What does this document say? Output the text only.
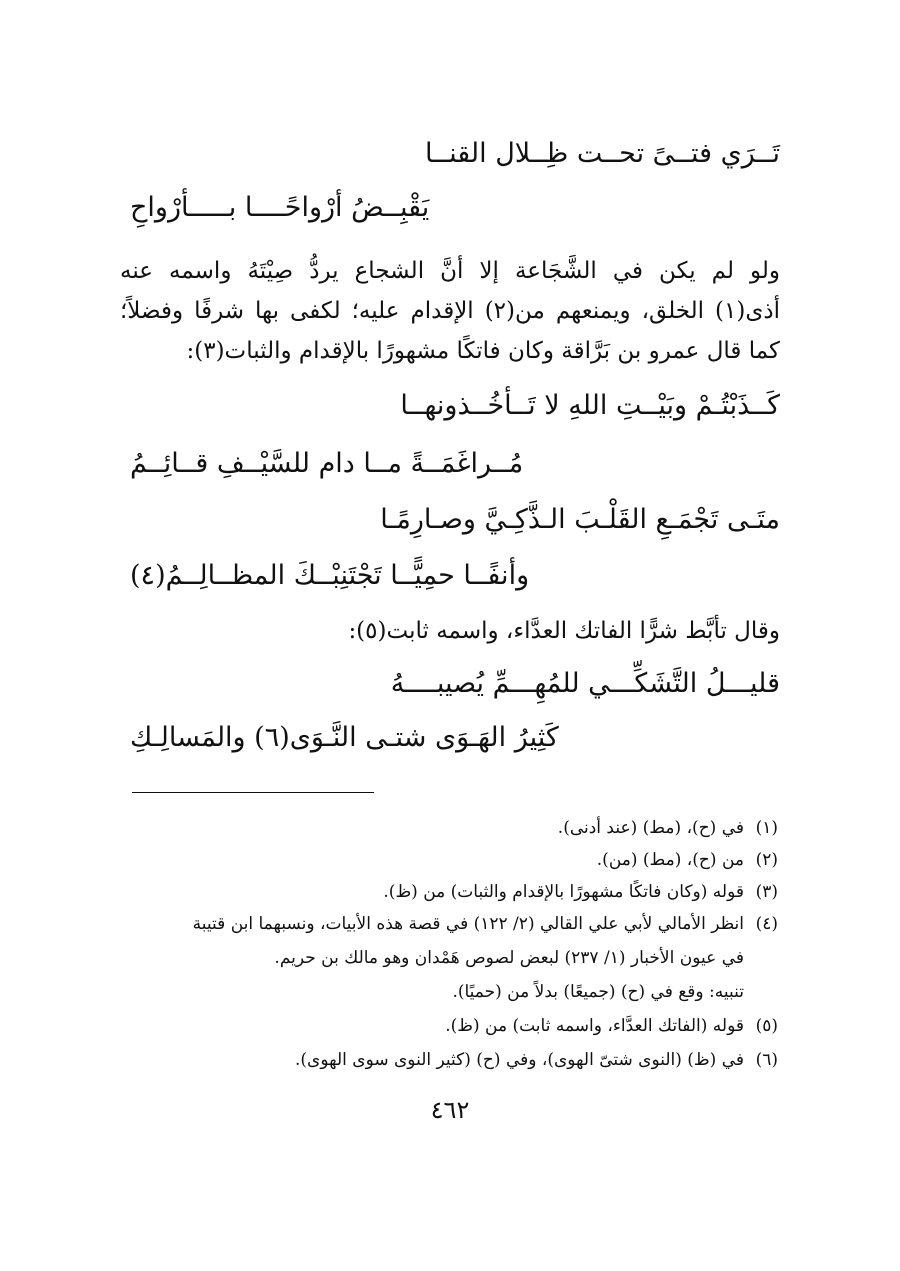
تَــرَي فتــىً تحــت ظِــلال القنــا
يَقْبِــضُ أرْواحًــــا بـــــأرْواحِ
ولو لم يكن في الشَّجَاعة إلا أنَّ الشجاع يردُّ صِيْتَهُ واسمه عنه
أذى(١) الخلق، ويمنعهم من(٢) الإقدام عليه؛ لكفى بها شرفًا وفضلاً؛
كما قال عمرو بن بَرَّاقة وكان فاتكًا مشهورًا بالإقدام والثبات(٣):
كَــذَبْتُـمْ وبَيْــتِ اللهِ لا تَــأخُــذونهــا
مُــراغَمَــةً مــا دام للسَّيْــفِ قــائِــمُ
متَـى تَجْمَـعِ القَلْـبَ الـذَّكِـيَّ وصـارِمًـا
وأنفًــا حمِيًّــا تَجْتَنِبْــكَ المظــالِــمُ(٤)
وقال تأبَّط شرًّا الفاتك العدَّاء، واسمه ثابت(٥):
قليـــلُ التَّشَكِّـــي للمُهِـــمِّ يُصيبــــهُ
كَثِيرُ الهَـوَى شتـى النَّـوَى(٦) والمَسالِـكِ
(١)في (ح)، (مط) (عند أدنى).
(٢)من (ح)، (مط) (من).
(٣)قوله (وكان فاتكًا مشهورًا بالإقدام والثبات) من (ظ).
(٤)انظر الأمالي لأبي علي القالي (٢/ ١٢٢) في قصة هذه الأبيات، ونسبهما ابن قتيبة
في عيون الأخبار (١/ ٢٣٧) لبعض لصوص هَمْدان وهو مالك بن حريم.
تنبيه: وقع في (ح) (جميعًا) بدلاً من (حميًا).
(٥)قوله (الفاتك العدَّاء، واسمه ثابت) من (ظ).
(٦)في (ظ) (النوى شتىّ الهوى)، وفي (ح) (كثير النوى سوى الهوى).
٤٦٢
